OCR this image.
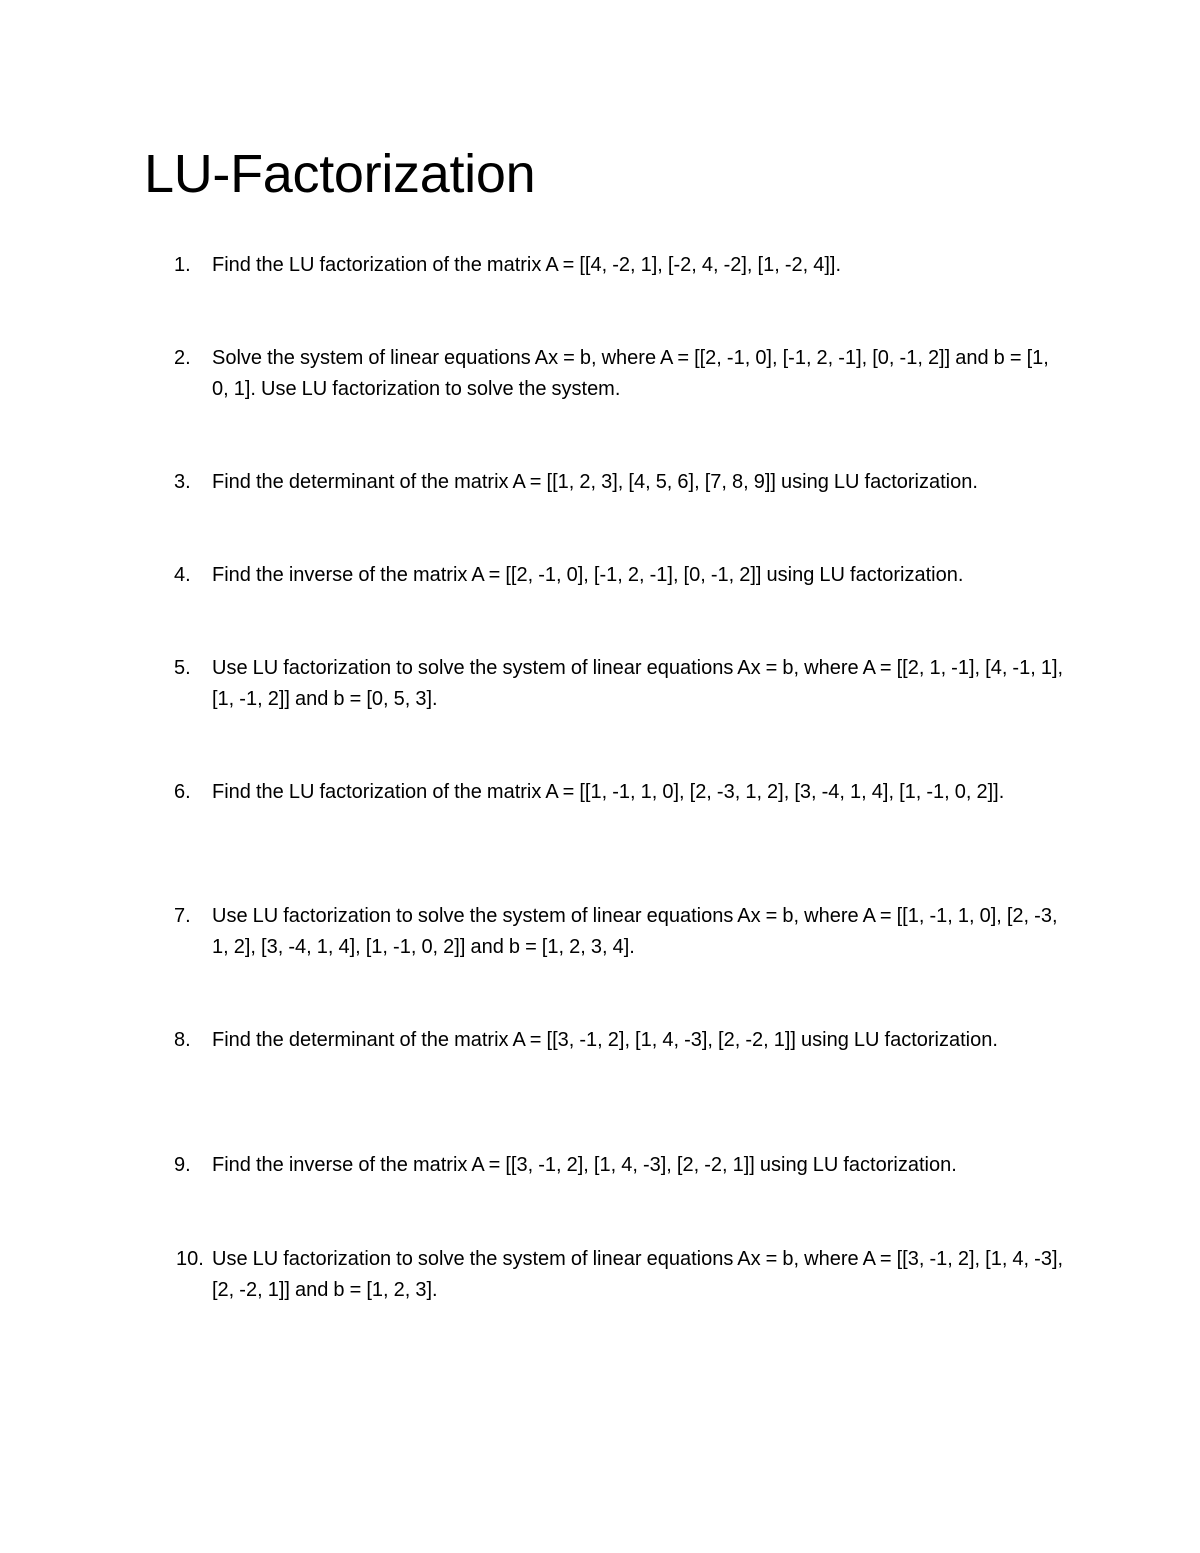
LU-Factorization
1. Find the LU factorization of the matrix A = [[4, -2, 1], [-2, 4, -2], [1, -2, 4]].
2. Solve the system of linear equations Ax = b, where A = [[2, -1, 0], [-1, 2, -1], [0, -1, 2]] and b = [1, 0, 1]. Use LU factorization to solve the system.
3. Find the determinant of the matrix A = [[1, 2, 3], [4, 5, 6], [7, 8, 9]] using LU factorization.
4. Find the inverse of the matrix A = [[2, -1, 0], [-1, 2, -1], [0, -1, 2]] using LU factorization.
5. Use LU factorization to solve the system of linear equations Ax = b, where A = [[2, 1, -1], [4, -1, 1], [1, -1, 2]] and b = [0, 5, 3].
6. Find the LU factorization of the matrix A = [[1, -1, 1, 0], [2, -3, 1, 2], [3, -4, 1, 4], [1, -1, 0, 2]].
7. Use LU factorization to solve the system of linear equations Ax = b, where A = [[1, -1, 1, 0], [2, -3, 1, 2], [3, -4, 1, 4], [1, -1, 0, 2]] and b = [1, 2, 3, 4].
8. Find the determinant of the matrix A = [[3, -1, 2], [1, 4, -3], [2, -2, 1]] using LU factorization.
9. Find the inverse of the matrix A = [[3, -1, 2], [1, 4, -3], [2, -2, 1]] using LU factorization.
10. Use LU factorization to solve the system of linear equations Ax = b, where A = [[3, -1, 2], [1, 4, -3], [2, -2, 1]] and b = [1, 2, 3].
